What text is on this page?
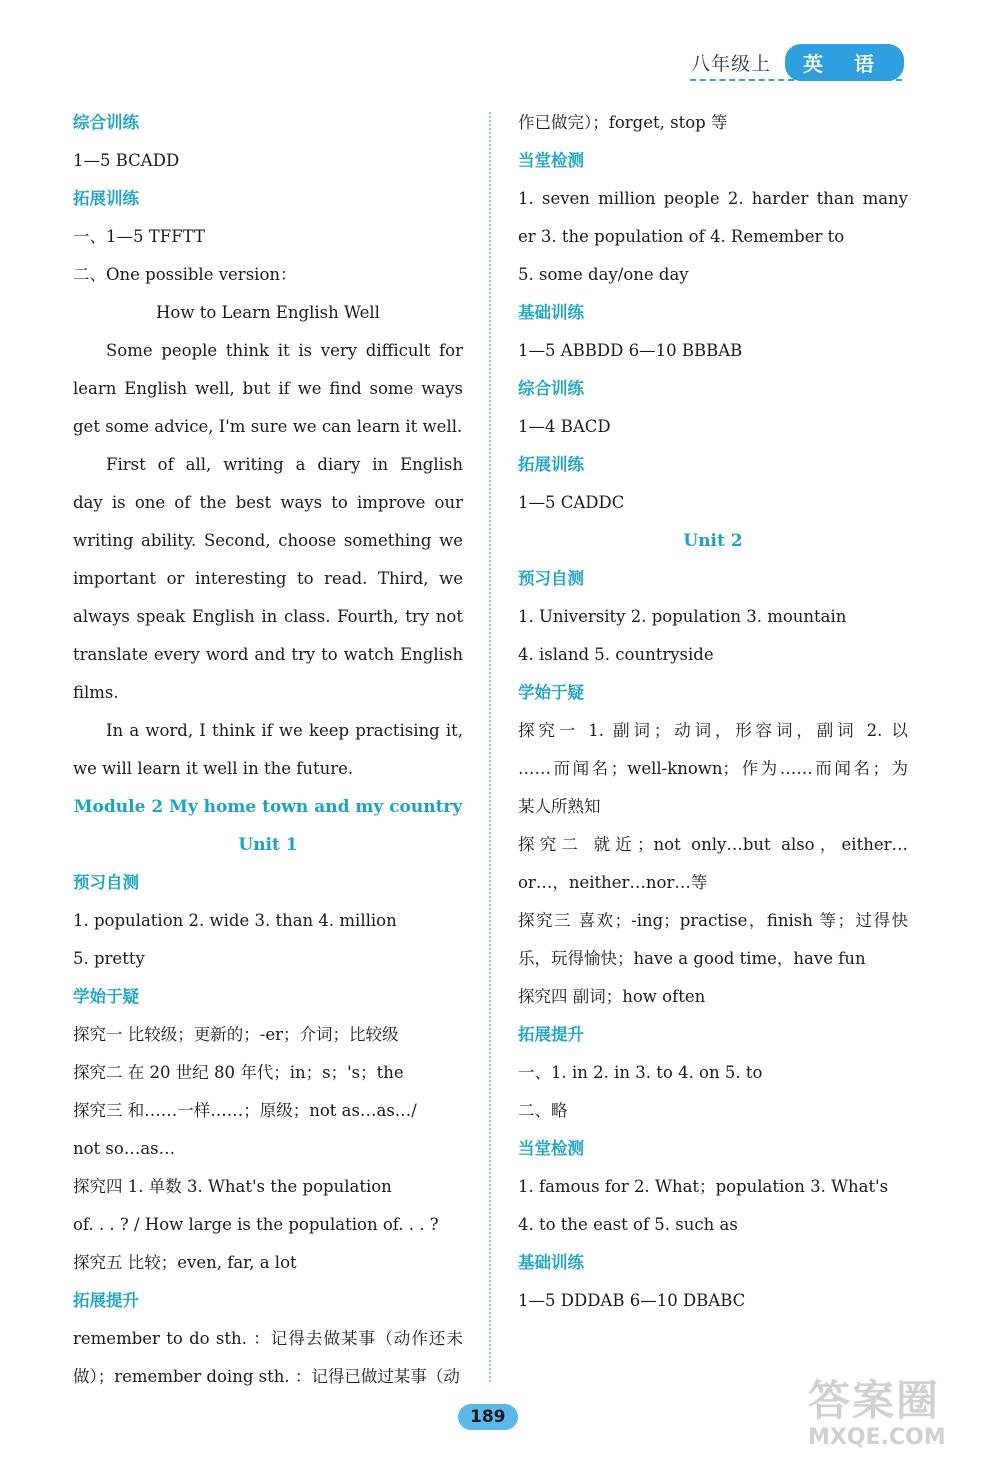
八年级上	英 语
综合训练
1—5 BCADD
拓展训练
一、1—5 TFFTT
二、One possible version：
How to Learn English Well
Some people think it is very difficult for
learn English well, but if we find some ways
get some advice, I'm sure we can learn it well.
First of all, writing a diary in English
day is one of the best ways to improve our
writing ability. Second, choose something we
important or interesting to read. Third, we
always speak English in class. Fourth, try not
translate every word and try to watch English
films.
In a word, I think if we keep practising it,
we will learn it well in the future.
Module 2 My home town and my country
Unit 1
预习自测
1. population 2. wide 3. than 4. million
5. pretty
学始于疑
探究一 比较级；更新的；-er；介词；比较级
探究二 在 20 世纪 80 年代；in；s；'s；the
探究三 和……一样……；原级；not as…as…/
not so…as…
探究四 1. 单数 3. What's the population
of. . . ? / How large is the population of. . . ?
探究五 比较；even, far, a lot
拓展提升
remember to do sth. ：记得去做某事（动作还未
做）；remember doing sth. ：记得已做过某事（动
作已做完）；forget, stop 等
当堂检测
1. seven million people 2. harder than many
er 3. the population of 4. Remember to
5. some day/one day
基础训练
1—5 ABBDD 6—10 BBBAB
综合训练
1—4 BACD
拓展训练
1—5 CADDC
Unit 2
预习自测
1. University 2. population 3. mountain
4. island 5. countryside
学始于疑
探究一 1. 副词；动词，形容词，副词 2. 以
……而闻名；well-known；作为……而闻名；为
某人所熟知
探究二 就近；not only…but also，either…
or…，neither…nor…等
探究三 喜欢；-ing；practise，finish 等；过得快
乐，玩得愉快；have a good time，have fun
探究四 副词；how often
拓展提升
一、1. in 2. in 3. to 4. on 5. to
二、略
当堂检测
1. famous for 2. What；population 3. What's
4. to the east of 5. such as
基础训练
1—5 DDDAB 6—10 DBABC
189	答案圈
MXQE.COM
